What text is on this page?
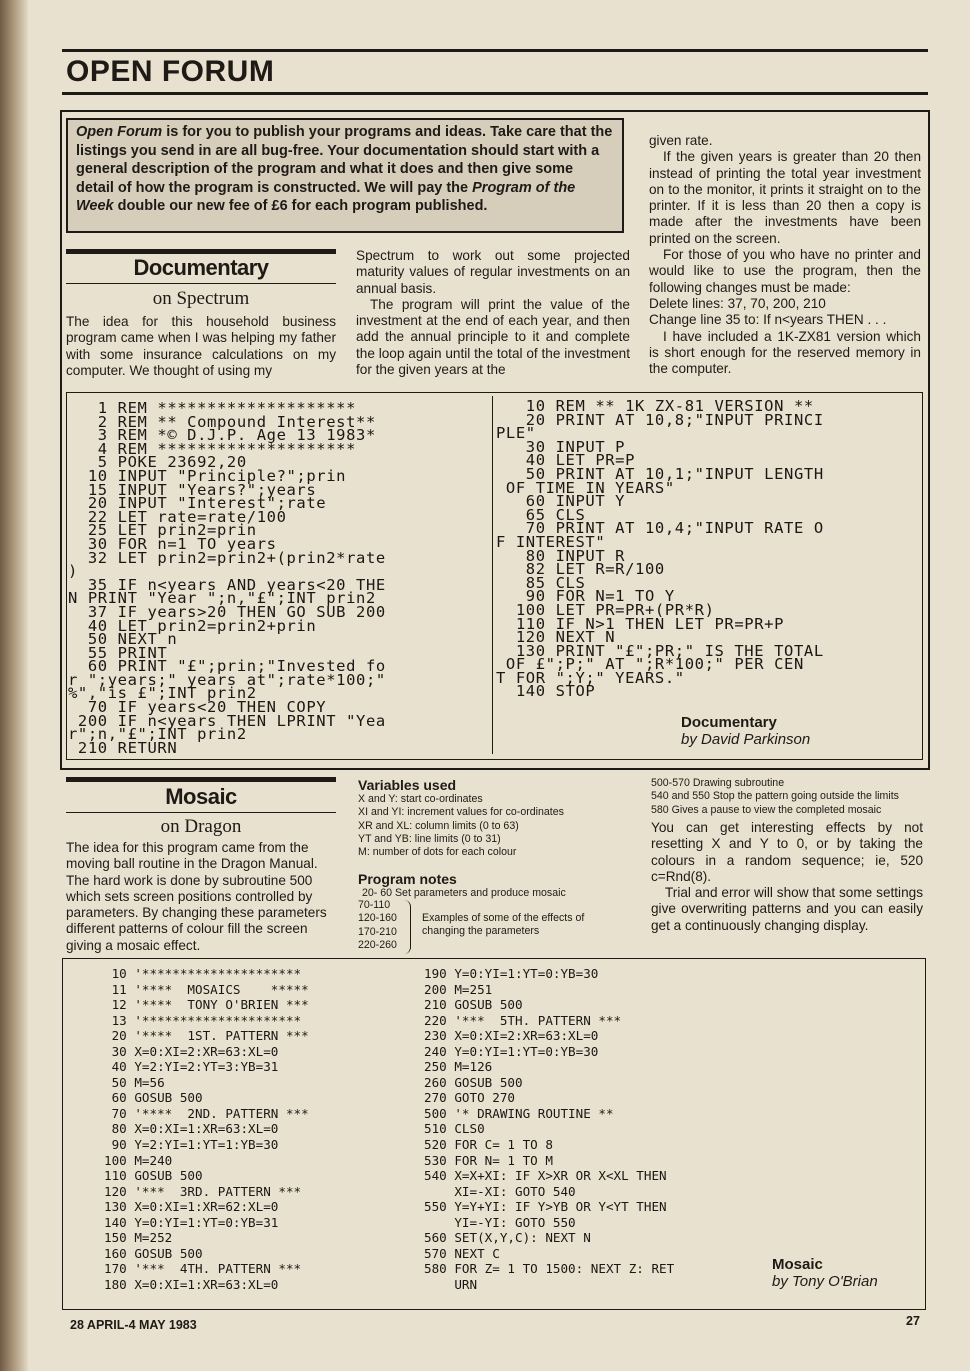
OPEN FORUM
Open Forum is for you to publish your programs and ideas. Take care that the listings you send in are all bug-free. Your documentation should start with a general description of the program and what it does and then give some detail of how the program is constructed. We will pay the Program of the Week double our new fee of £6 for each program published.
Documentary
on Spectrum

The idea for this household business program came when I was helping my father with some insurance calculations on my computer. We thought of using my

Spectrum to work out some projected maturity values of regular investments on an annual basis.

The program will print the value of the investment at the end of each year, and then add the annual principle to it and complete the loop again until the total of the investment for the given years at the

given rate.

If the given years is greater than 20 then instead of printing the total year investment on to the monitor, it prints it straight on to the printer. If it is less than 20 then a copy is made after the investments have been printed on the screen.

For those of you who have no printer and would like to use the program, then the following changes must be made:

Delete lines: 37, 70, 200, 210

Change line 35 to: If n<years THEN . . .

I have included a 1K-ZX81 version which is short enough for the reserved memory in the computer.

1 REM ********************
2 REM ** Compound Interest**
3 REM *© D.J.P. Age 13 1983*
4 REM ********************
5 POKE 23692,20
10 INPUT "Principle?";prin
15 INPUT "Years?";years
20 INPUT "Interest";rate
22 LET rate=rate/100
25 LET prin2=prin
30 FOR n=1 TO years
32 LET prin2=prin2+(prin2*rate
)
35 IF n<years AND years<20 THE
N PRINT "Year ";n,"£";INT prin2
37 IF years>20 THEN GO SUB 200
40 LET prin2=prin2+prin
50 NEXT n
55 PRINT
60 PRINT "£";prin;"Invested fo
r ";years;" years at";rate*100;"
%","is £";INT prin2
70 IF years<20 THEN COPY
200 IF n<years THEN LPRINT "Yea
r";n,"£";INT prin2
210 RETURN
10 REM ** 1K ZX-81 VERSION **
20 PRINT AT 10,8;"INPUT PRINCI
PLE"
30 INPUT P
40 LET PR=P
50 PRINT AT 10,1;"INPUT LENGTH
OF TIME IN YEARS"
60 INPUT Y
65 CLS
70 PRINT AT 10,4;"INPUT RATE O
F INTEREST"
80 INPUT R
82 LET R=R/100
85 CLS
90 FOR N=1 TO Y
100 LET PR=PR+(PR*R)
110 IF N>1 THEN LET PR=PR+P
120 NEXT N
130 PRINT "£";PR;" IS THE TOTAL
OF £";P;" AT ";R*100;" PER CEN
T FOR ";Y;" YEARS."
140 STOP
Documentary
by David Parkinson
Mosaic
on Dragon

The idea for this program came from the moving ball routine in the Dragon Manual. The hard work is done by subroutine 500 which sets screen positions controlled by parameters. By changing these parameters different patterns of colour fill the screen giving a mosaic effect.

Variables used
X and Y: start co-ordinates
XI and YI: increment values for co-ordinates
XR and XL: column limits (0 to 63)
YT and YB: line limits (0 to 31)
M: number of dots for each colour
Program notes
20- 60 Set parameters and produce mosaic
70-110
120-160
170-210
220-260
Examples of some of the effects of changing the parameters
500-570 Drawing subroutine
540 and 550 Stop the pattern going outside the limits
580 Gives a pause to view the completed mosaic

You can get interesting effects by not resetting X and Y to 0, or by taking the colours in a random sequence; ie, 520 c=Rnd(8).

Trial and error will show that some settings give overwriting patterns and you can easily get a continuously changing display.

10 '*********************
11 '****  MOSAICS    *****
12 '****  TONY O'BRIEN ***
13 '*********************
20 '****  1ST. PATTERN ***
30 X=0:XI=2:XR=63:XL=0
40 Y=2:YI=2:YT=3:YB=31
50 M=56
60 GOSUB 500
70 '****  2ND. PATTERN ***
80 X=0:XI=1:XR=63:XL=0
90 Y=2:YI=1:YT=1:YB=30
100 M=240
110 GOSUB 500
120 '***  3RD. PATTERN ***
130 X=0:XI=1:XR=62:XL=0
140 Y=0:YI=1:YT=0:YB=31
150 M=252
160 GOSUB 500
170 '***  4TH. PATTERN ***
180 X=0:XI=1:XR=63:XL=0
190 Y=0:YI=1:YT=0:YB=30
200 M=251
210 GOSUB 500
220 '***  5TH. PATTERN ***
230 X=0:XI=2:XR=63:XL=0
240 Y=0:YI=1:YT=0:YB=30
250 M=126
260 GOSUB 500
270 GOTO 270
500 '* DRAWING ROUTINE **
510 CLS0
520 FOR C= 1 TO 8
530 FOR N= 1 TO M
540 X=X+XI: IF X>XR OR X<XL THEN
XI=-XI: GOTO 540
550 Y=Y+YI: IF Y>YB OR Y<YT THEN
YI=-YI: GOTO 550
560 SET(X,Y,C): NEXT N
570 NEXT C
580 FOR Z= 1 TO 1500: NEXT Z: RET
URN
Mosaic
by Tony O'Brian
28 APRIL-4 MAY 1983	27
